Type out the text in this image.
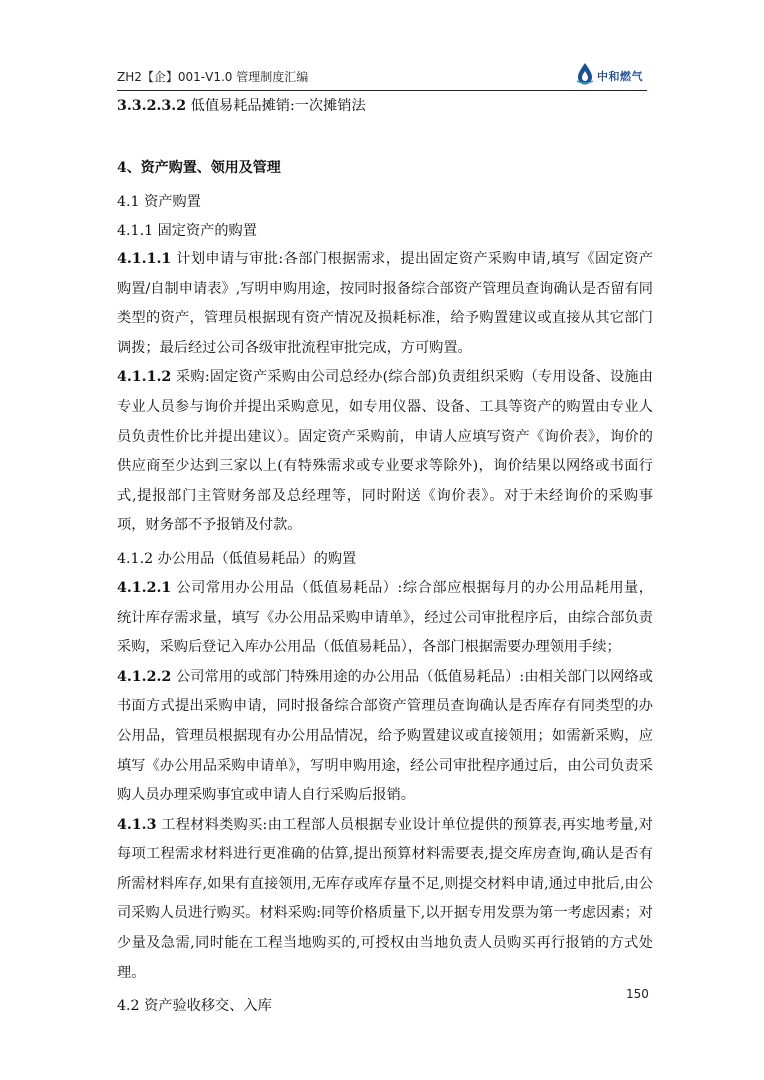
ZH2【企】001-V1.0 管理制度汇编	中和燃气

3.3.2.3.2 低值易耗品摊销:一次摊销法

4、资产购置、领用及管理

4.1 资产购置

4.1.1 固定资产的购置

4.1.1.1 计划申请与审批:各部门根据需求，提出固定资产采购申请,填写《固定资产购置/自制申请表》,写明申购用途，按同时报备综合部资产管理员查询确认是否留有同类型的资产，管理员根据现有资产情况及损耗标准，给予购置建议或直接从其它部门调拨；最后经过公司各级审批流程审批完成，方可购置。

4.1.1.2 采购:固定资产采购由公司总经办(综合部)负责组织采购（专用设备、设施由专业人员参与询价并提出采购意见，如专用仪器、设备、工具等资产的购置由专业人员负责性价比并提出建议）。固定资产采购前，申请人应填写资产《询价表》，询价的供应商至少达到三家以上(有特殊需求或专业要求等除外)，询价结果以网络或书面行式,提报部门主管财务部及总经理等，同时附送《询价表》。对于未经询价的采购事项，财务部不予报销及付款。

4.1.2 办公用品（低值易耗品）的购置

4.1.2.1 公司常用办公用品（低值易耗品）:综合部应根据每月的办公用品耗用量， 统计库存需求量，填写《办公用品采购申请单》，经过公司审批程序后，由综合部负责采购，采购后登记入库办公用品（低值易耗品），各部门根据需要办理领用手续；

4.1.2.2 公司常用的或部门特殊用途的办公用品（低值易耗品）:由相关部门以网络或书面方式提出采购申请，同时报备综合部资产管理员查询确认是否库存有同类型的办公用品，管理员根据现有办公用品情况，给予购置建议或直接领用；如需新采购，应填写《办公用品采购申请单》，写明申购用途，经公司审批程序通过后，由公司负责采购人员办理采购事宜或申请人自行采购后报销。

4.1.3 工程材料类购买:由工程部人员根据专业设计单位提供的预算表,再实地考量,对每项工程需求材料进行更准确的估算,提出预算材料需要表,提交库房查询,确认是否有所需材料库存,如果有直接领用,无库存或库存量不足,则提交材料申请,通过申批后,由公司采购人员进行购买。材料采购:同等价格质量下,以开据专用发票为第一考虑因素；对少量及急需,同时能在工程当地购买的,可授权由当地负责人员购买再行报销的方式处理。

4.2 资产验收移交、入库

150
